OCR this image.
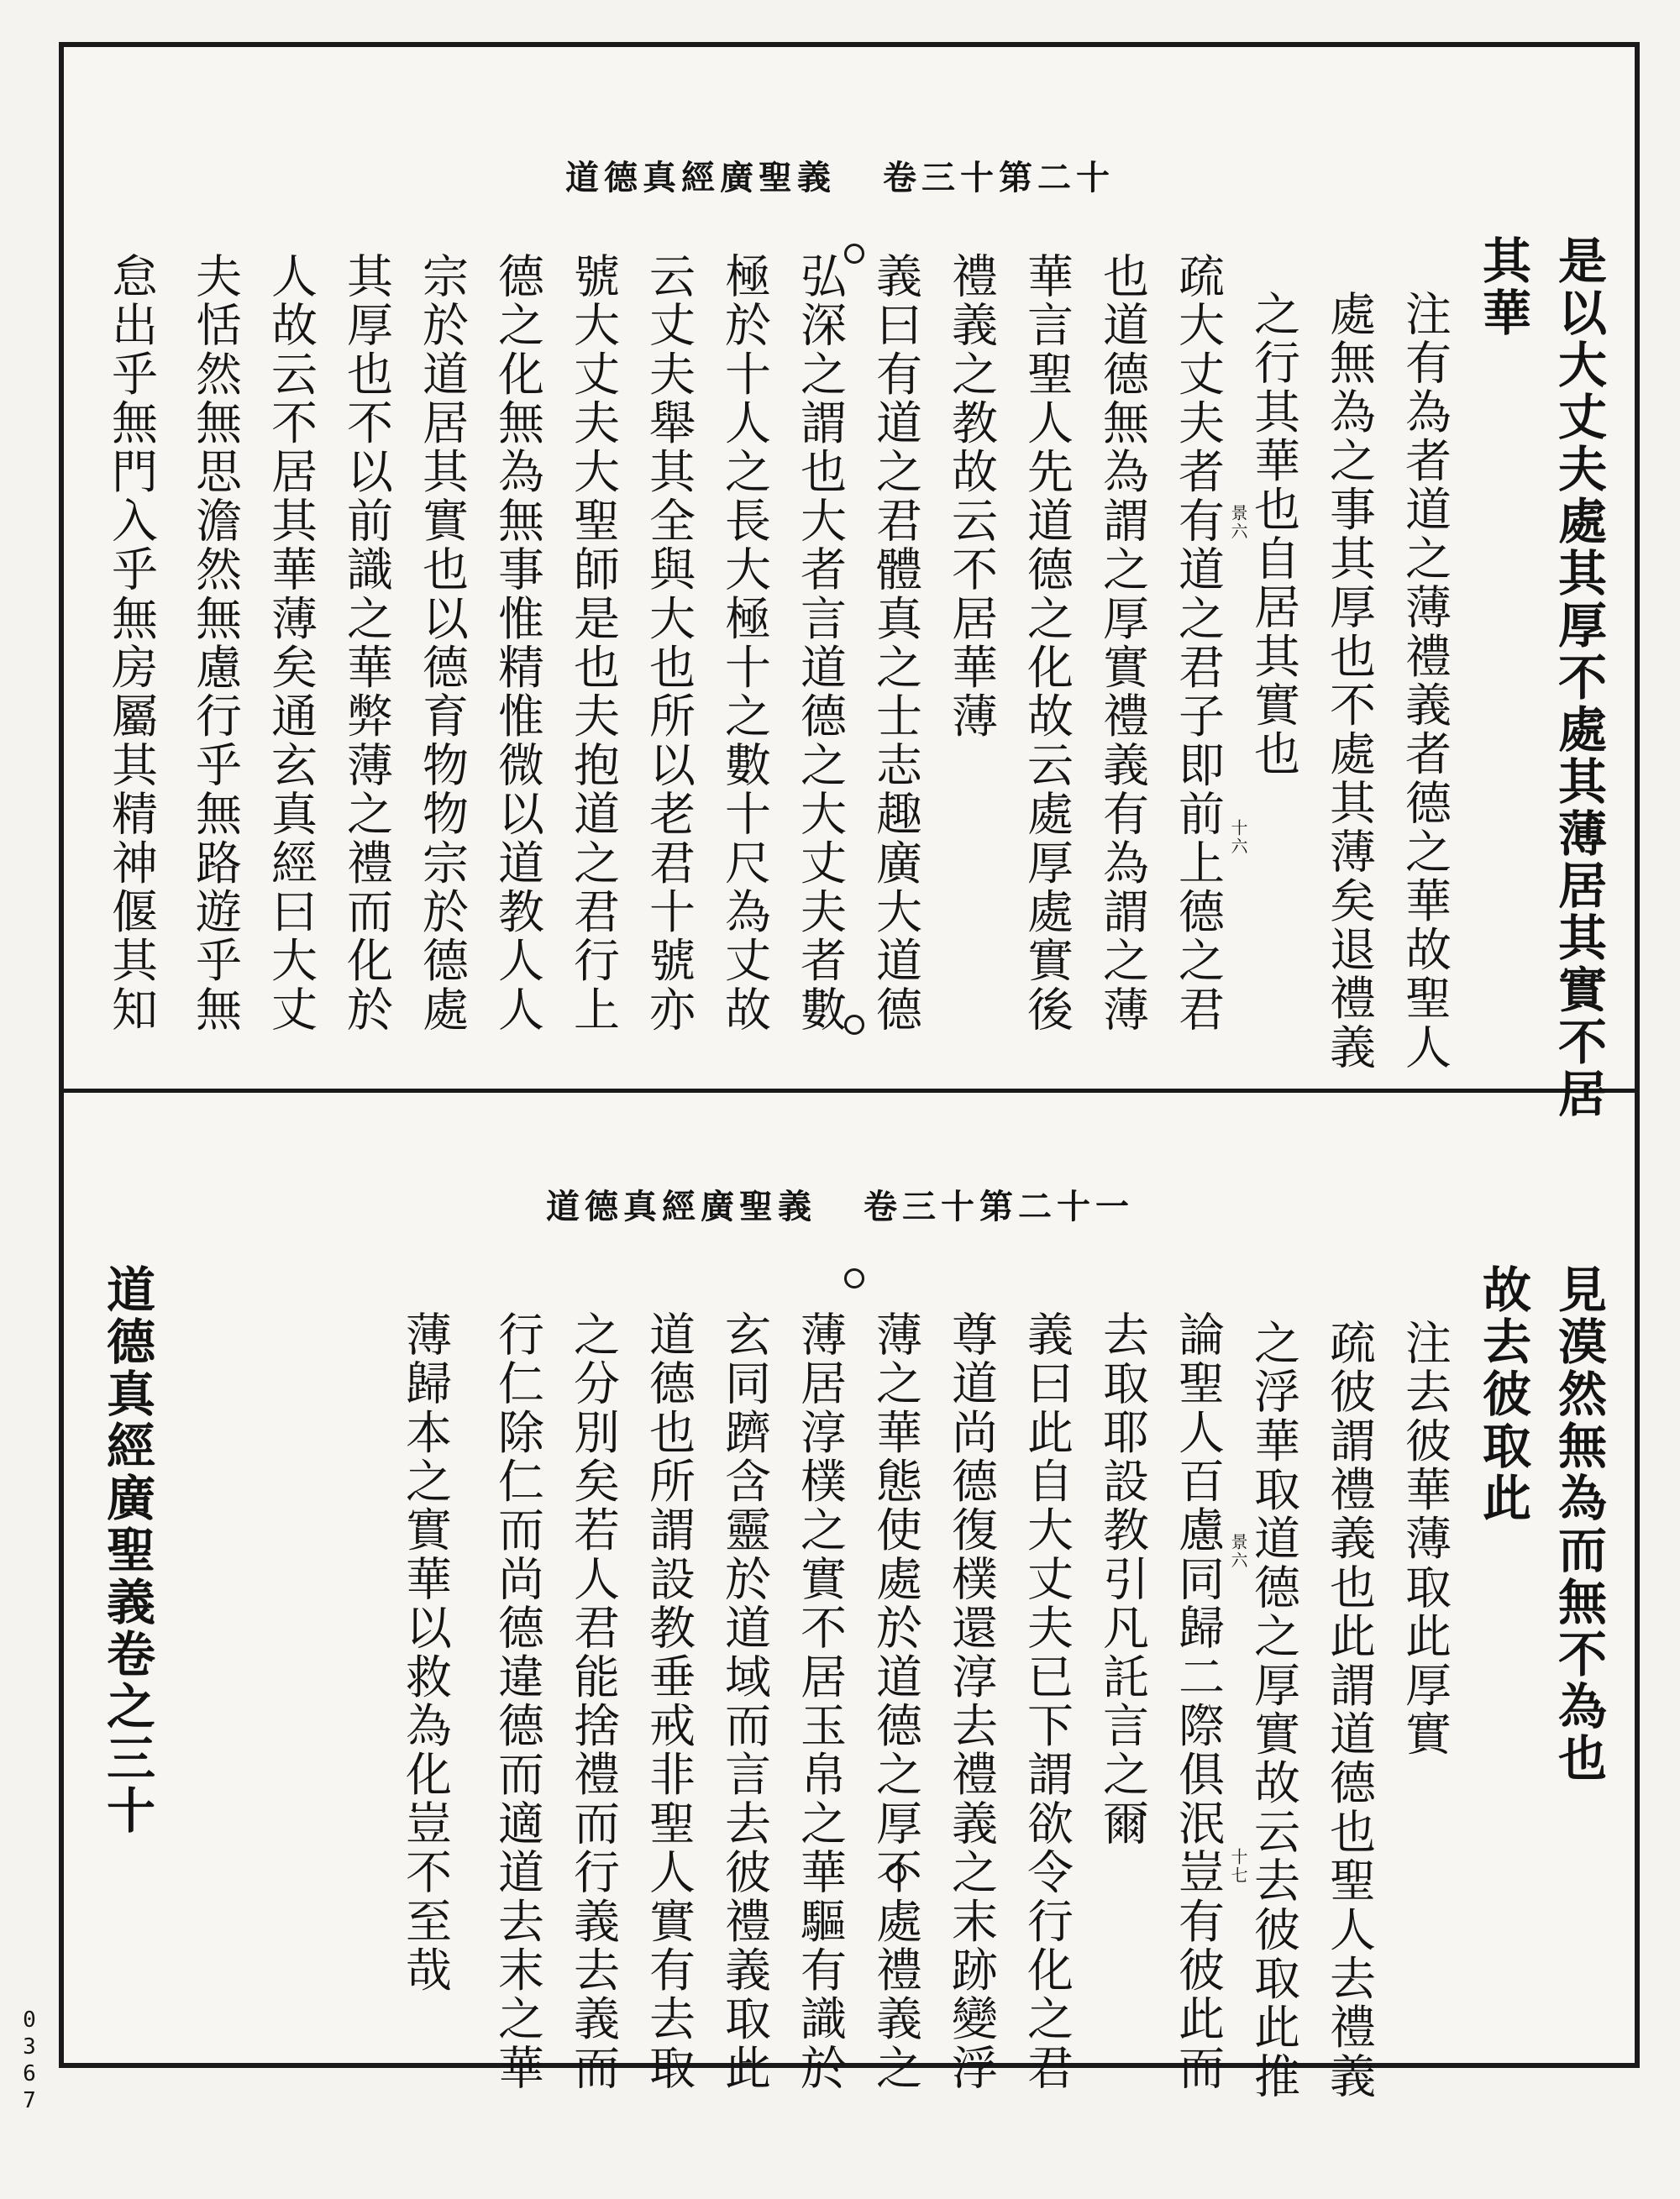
道德真經廣聖義 卷三十第二十
景六
十六	是以大丈夫處其厚不處其薄居其實不居
其華
注有為者道之薄禮義者德之華故聖人
處無為之事其厚也不處其薄矣退禮義
之行其華也自居其實也
疏大丈夫者有道之君子即前上德之君
也道德無為謂之厚實禮義有為謂之薄
華言聖人先道德之化故云處厚處實後
禮義之教故云不居華薄
義曰有道之君體真之士志趣廣大道德
弘深之謂也大者言道德之大丈夫者數
極於十人之長大極十之數十尺為丈故
云丈夫舉其全與大也所以老君十號亦
號大丈夫大聖師是也夫抱道之君行上
德之化無為無事惟精惟微以道教人人
宗於道居其實也以德育物物宗於德處
其厚也不以前識之華弊薄之禮而化於
人故云不居其華薄矣通玄真經曰大丈
夫恬然無思澹然無慮行乎無路遊乎無
怠出乎無門入乎無房屬其精神偃其知
道德真經廣聖義 卷三十第二十一
景六
十七
見漠然無為而無不為也
故去彼取此
注去彼華薄取此厚實
疏彼謂禮義也此謂道德也聖人去禮義
之浮華取道德之厚實故云去彼取此推
論聖人百慮同歸二際俱泯豈有彼此而
去取耶設教引凡託言之爾
義曰此自大丈夫已下謂欲令行化之君
尊道尚德復樸還淳去禮義之末跡變浮
薄之華態使處於道德之厚不處禮義之
薄居淳樸之實不居玉帛之華驅有識於
玄同躋含靈於道域而言去彼禮義取此
道德也所謂設教垂戒非聖人實有去取
之分別矣若人君能捨禮而行義去義而
行仁除仁而尚德違德而適道去末之華
薄歸本之實華以救為化豈不至哉
道德真經廣聖義卷之三十
0367
